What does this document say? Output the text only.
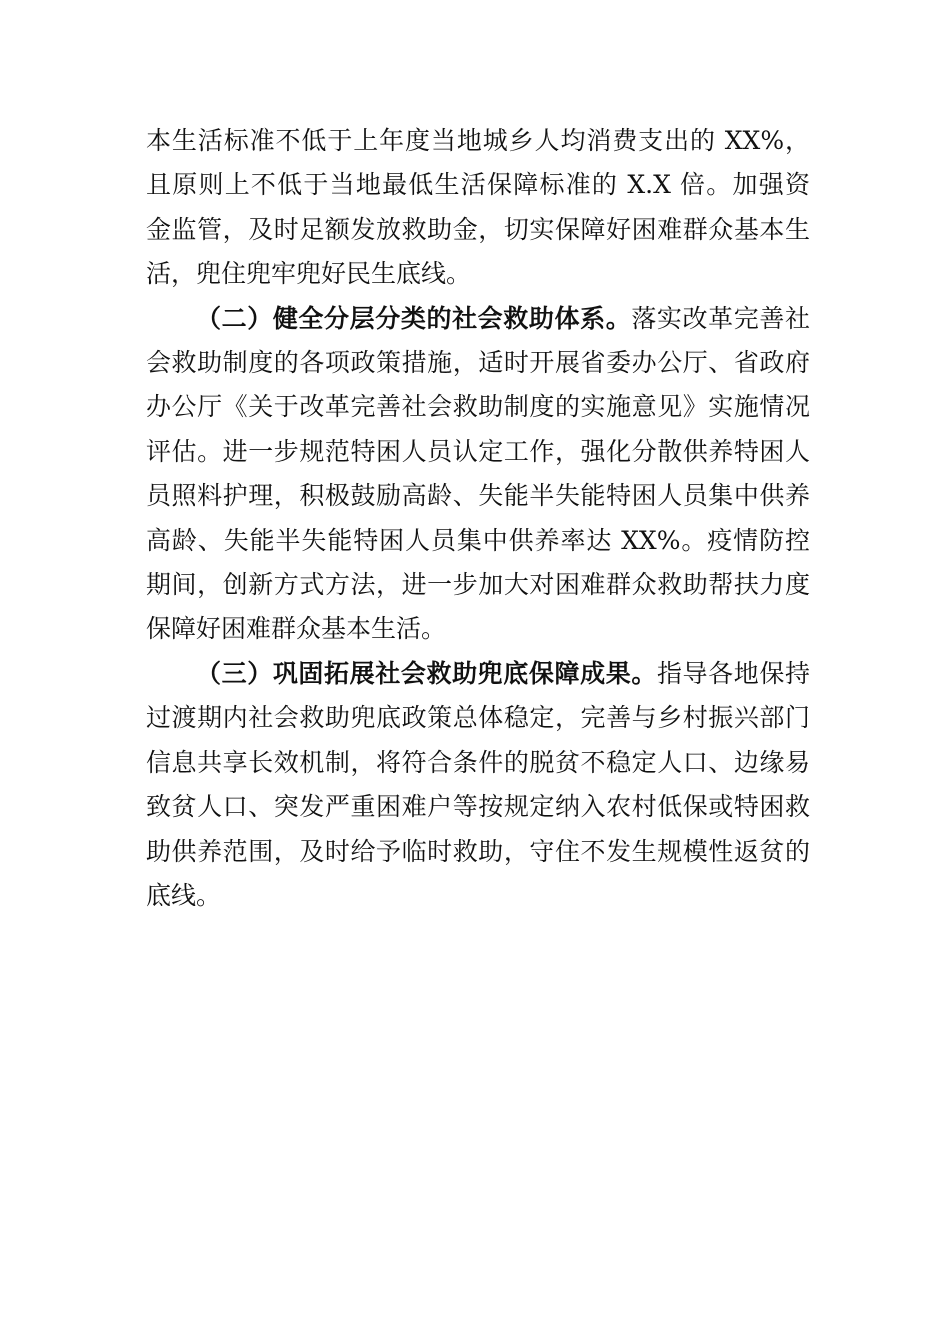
本生活标准不低于上年度当地城乡人均消费支出的 XX%，
且原则上不低于当地最低生活保障标准的 X.X 倍。加强资
金监管，及时足额发放救助金，切实保障好困难群众基本生
活，兜住兜牢兜好民生底线。
（二）健全分层分类的社会救助体系。落实改革完善社
会救助制度的各项政策措施，适时开展省委办公厅、省政府
办公厅《关于改革完善社会救助制度的实施意见》实施情况
评估。进一步规范特困人员认定工作，强化分散供养特困人
员照料护理，积极鼓励高龄、失能半失能特困人员集中供养
高龄、失能半失能特困人员集中供养率达 XX%。疫情防控
期间，创新方式方法，进一步加大对困难群众救助帮扶力度
保障好困难群众基本生活。
（三）巩固拓展社会救助兜底保障成果。指导各地保持
过渡期内社会救助兜底政策总体稳定，完善与乡村振兴部门
信息共享长效机制，将符合条件的脱贫不稳定人口、边缘易
致贫人口、突发严重困难户等按规定纳入农村低保或特困救
助供养范围，及时给予临时救助，守住不发生规模性返贫的
底线。
